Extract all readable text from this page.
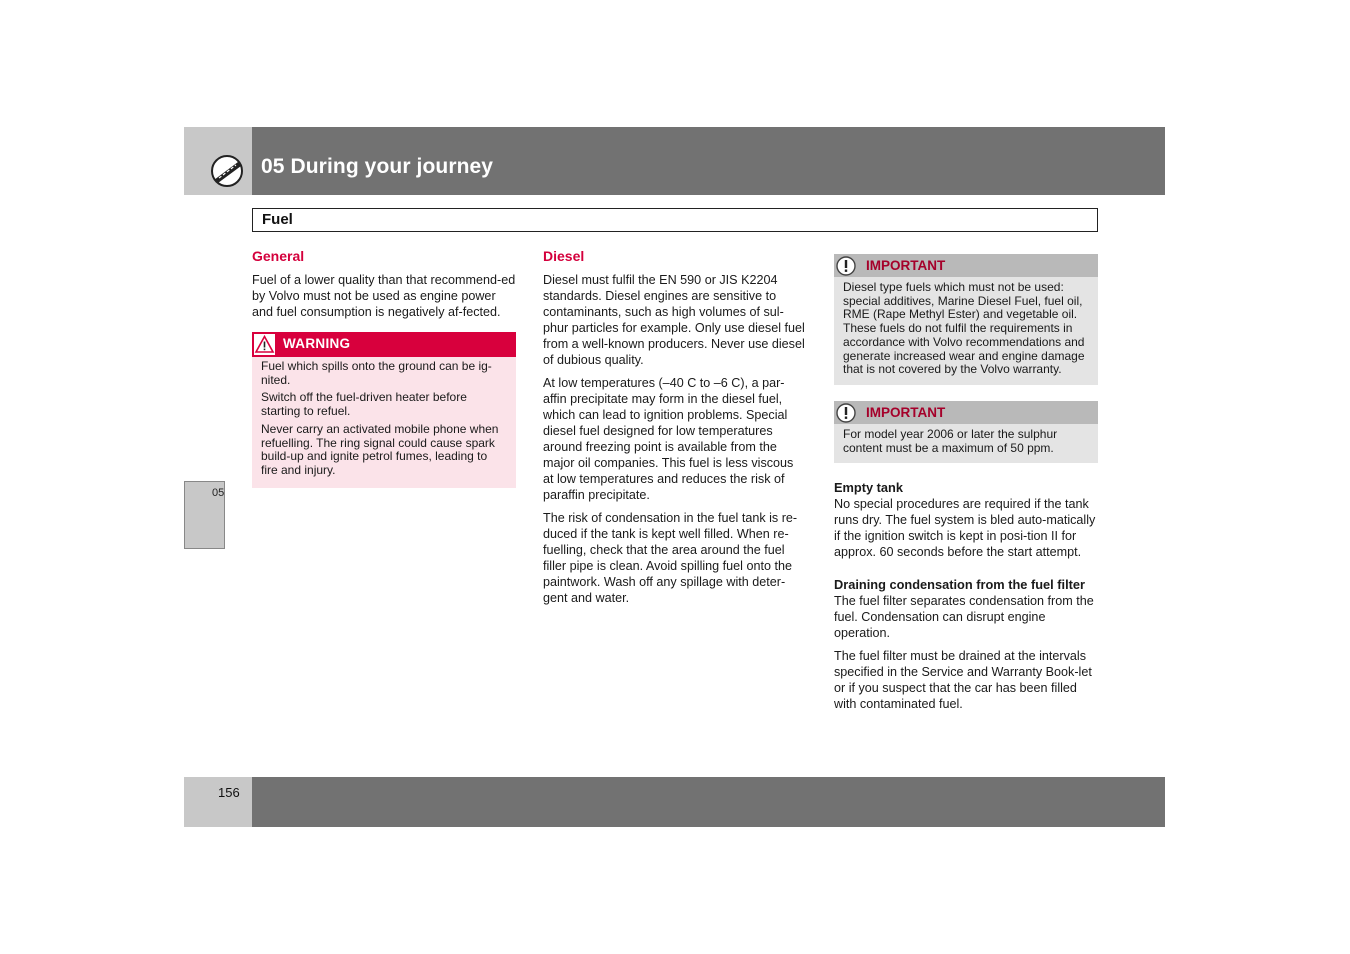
05 During your journey
Fuel
05
General

Fuel of a lower quality than that recommend-ed by Volvo must not be used as engine power and fuel consumption is negatively af-fected.

WARNING

Fuel which spills onto the ground can be ig-nited.

Switch off the fuel-driven heater before starting to refuel.

Never carry an activated mobile phone when refuelling. The ring signal could cause spark build-up and ignite petrol fumes, leading to fire and injury.

Diesel

Diesel must fulfil the EN 590 or JIS K2204 standards. Diesel engines are sensitive to contaminants, such as high volumes of sul-phur particles for example. Only use diesel fuel from a well-known producers. Never use diesel of dubious quality.

At low temperatures (–40 C to –6 C), a par-affin precipitate may form in the diesel fuel, which can lead to ignition problems. Special diesel fuel designed for low temperatures around freezing point is available from the major oil companies. This fuel is less viscous at low temperatures and reduces the risk of paraffin precipitate.

The risk of condensation in the fuel tank is re-duced if the tank is kept well filled. When re-fuelling, check that the area around the fuel filler pipe is clean. Avoid spilling fuel onto the paintwork. Wash off any spillage with deter-gent and water.

IMPORTANT

Diesel type fuels which must not be used: special additives, Marine Diesel Fuel, fuel oil, RME (Rape Methyl Ester) and vegetable oil. These fuels do not fulfil the requirements in accordance with Volvo recommendations and generate increased wear and engine damage that is not covered by the Volvo warranty.

IMPORTANT

For model year 2006 or later the sulphur content must be a maximum of 50 ppm.

Empty tank

No special procedures are required if the tank runs dry. The fuel system is bled auto-matically if the ignition switch is kept in posi-tion II for approx. 60 seconds before the start attempt.

Draining condensation from the fuel filter

The fuel filter separates condensation from the fuel. Condensation can disrupt engine operation.

The fuel filter must be drained at the intervals specified in the Service and Warranty Book-let or if you suspect that the car has been filled with contaminated fuel.

156
